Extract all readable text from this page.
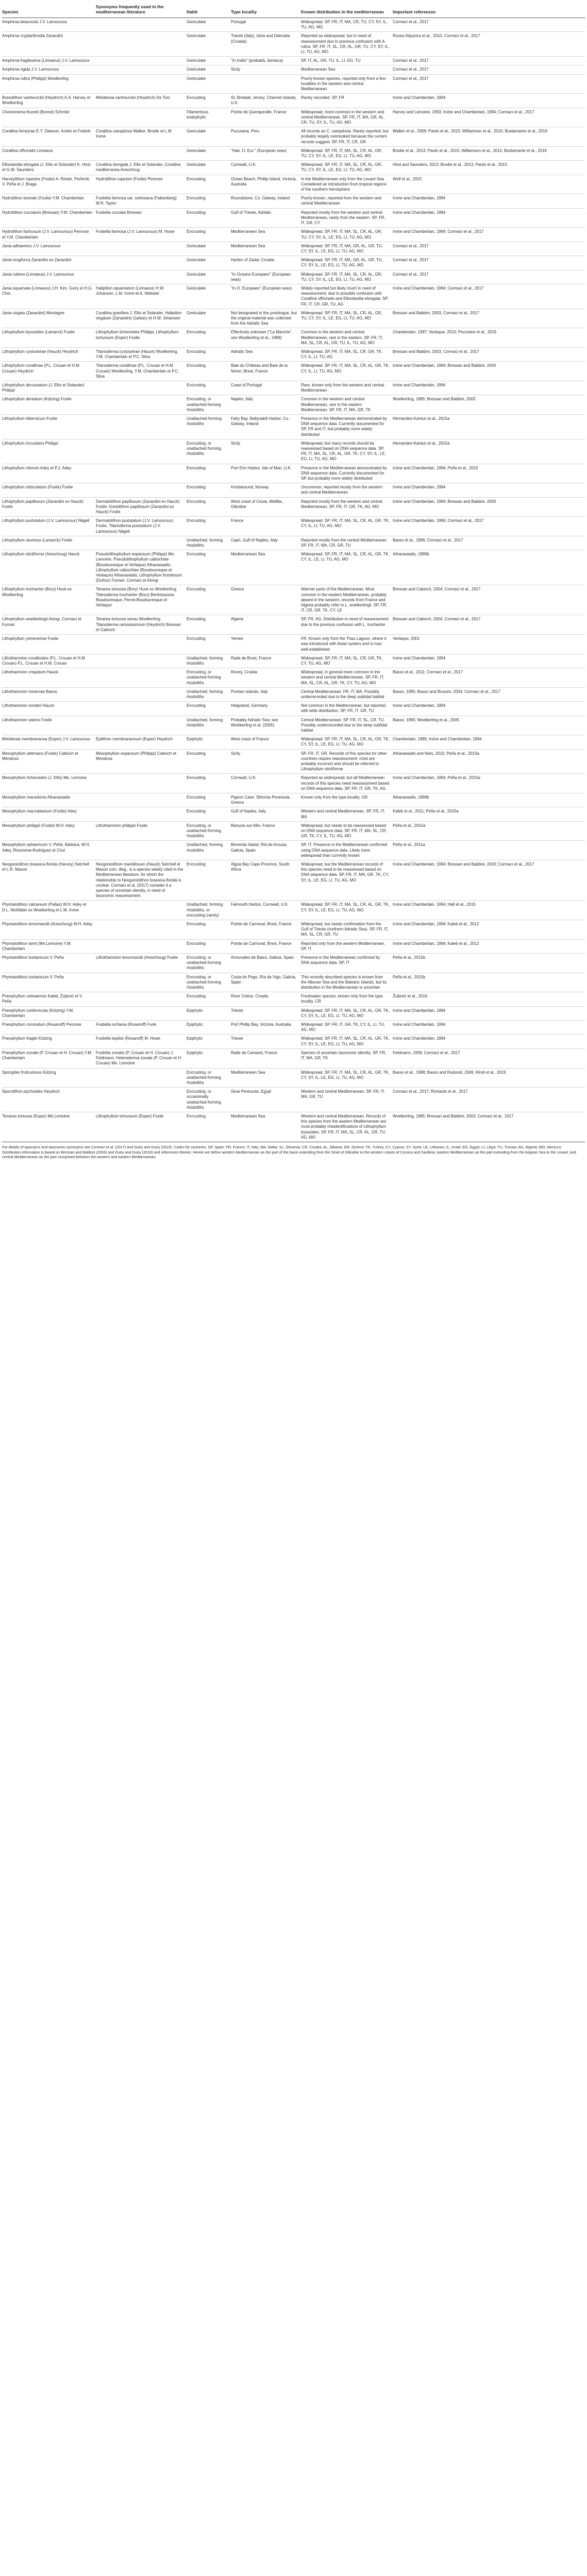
Species	Synonyms frequently used in the mediterranean literature	Habit	Type locality	Known distribution in the mediterranean	Important references
Amphiroa beauvoisii J.V. Lamouroux		Geniculate	Portugal	Widespread. SP, FR, IT, MA, CR, TU, CY, SY, IL, TU, AG, MO	Cormaci et al., 2017
Amphiroa cryptarthrodia Zanardini		Geniculate	Trieste (Italy), Istria and Dalmatia (Croatia)	Reported as widespread, but in need of reassessment due to previous confusion with A. rubra. SP, FR, IT, SL, CR, AL, GR, TU, CY, SY, IL, LI, TU, AG, MO	Rosas-Alquicira et al., 2010; Cormaci et al., 2017
Amphiroa fragilissima (Linnaeus) J.V. Lamouroux		Geniculate	"In Indiis" (probably Jamaica)	SP, IT, AL, GR, TU, IL, LI, EG, TU	Cormaci et al., 2017
Amphiroa rigida J.V. Lamouroux		Geniculate	Sicily	Mediterranean Sea	Cormaci et al., 2017
Amphiroa rubra (Philippi) Woelkerling		Geniculate		Poorly-known species, reported only from a few localities in the western and central Mediterranean	Cormaci et al., 2017
Boreolithon vanheurckii (Heydrich) A.S. Harvey et Woelkerling	Melobesia vanheurckii (Heydrich) De Toni	Encrusting	St. Brelade, Jersey, Channel Islands, U.K.	Rarely recorded. SP, FR	Irvine and Chamberlain, 1994
Choreonema thuretii (Bornet) Schmitz		Filamentous endophytic	Pointe de Querqueville, France	Widespread, more common in the western and central Mediterranean. SP, FR, IT, MA, GR, AL, CR, TU, SY, IL, TU, AG, MO	Harvey and Lemoine, 1993; Irvine and Chamberlain, 1994; Cormaci et al., 2017
Corallina ferreyrae E.Y. Dawson, Acleto et Foldvik	Corallina caespitosa Walker, Brodie et L.M. Irvine	Geniculate	Pucusana, Peru	All records as C. caespitosa. Rarely reported, but probably largely overlooked because the current records suggest. SP, FR, IT, CR, GR	Walker et al., 2009; Pardo et al., 2015; Williamson et al., 2015; Bustamante et al., 2019
Corallina officinalis Linnaeus		Geniculate	"Hab. O. Eur." (European seas)	Widespread. SP, FR, IT, MA, SL, CR, AL, GR, TU, CY, SY, IL, LE, EG, LI, TU, AG, MO	Brodie et al., 2013; Pardo et al., 2015; Williamson et al., 2015; Bustamante et al., 2019
Ellisolandia elongata (J. Ellis et Solander) K. Hind et G.W. Saunders	Corallina elongata J. Ellis et Solander, Corallina mediterranea Areschoug	Geniculate	Cornwall, U.K.	Widespread. SP, FR, IT, MA, SL, CR, AL, GR, TU, CY, SY, IL, LE, EG, LI, TU, AG, MO	Hind and Saunders, 2013; Brodie et al., 2013; Pardo et al., 2015
Harveylithon rupestre (Foslie) A. Rösler, Perfectti, V. Peña et J. Braga	Hydrolithon rupestre (Foslie) Penrose	Encrusting	Ocean Beach, Phillip Island, Victoria, Australia	In the Mediterranean only from the Levant Sea. Considered an introduction from tropical regions of the southern hemisphere	Wolf et al., 2015
Hydrolithon boreale (Foslie) Y.M. Chamberlain	Fosliella farinosa var. solmsiana (Falkenberg) W.R. Taylor	Encrusting	Roundstone, Co. Galway, Ireland	Poorly-known, reported from the western and central Mediterranean	Irvine and Chamberlain, 1994
Hydrolithon cruciatum (Bressan) Y.M. Chamberlain	Fosliella cruciata Bressan	Encrusting	Gulf of Trieste, Adriatic	Reported mostly from the western and central Mediterranean, rarely from the eastern. SP, FR, IT, GR, CY	Irvine and Chamberlain, 1994
Hydrolithon farinosum (J.V. Lamouroux) Penrose et Y.M. Chamberlain	Fosliella farinosa (J.V. Lamouroux) M. Howe	Encrusting	Mediterranean Sea	Widespread. SP, FR, IT, MA, SL, CR, AL, GR, TU, CY, SY, IL, LE, EG, LI, TU, AG, MO	Irvine and Chamberlain, 1994; Cormaci et al., 2017
Jania adhaerens J.V. Lamouroux		Geniculate	Mediterranean Sea	Widespread. SP, FR, IT, MA, GR, AL, GR, TU, CY, SY, IL, LE, EG, LI, TU, AG, MO	Cormaci et al., 2017
Jania longifurca Zanardini ex Zanardini		Geniculate	Harbor of Zadar, Croatia	Widespread. SP, FR, IT, MA, GR, AL, GR, TU, CY, SY, IL, LE, EG, LI, TU, AG, MO	Cormaci et al., 2017
Jania rubens (Linnaeus) J.V. Lamouroux		Geniculate	"In Oceano Europaeo" (European seas)	Widespread. SP, FR, IT, MA, SL, CR, AL, GR, TU, CY, SY, IL, LE, EG, LI, TU, AG, MO	Cormaci et al., 2017
Jania squamata (Linnaeus) J.H. Kim, Guiry et H.G. Choi	Haliptilon squamatum (Linnaeus) H.W. Johansen, L.M. Irvine et A. Webster	Geniculate	"In O. Europaeo" (European seas)	Widely reported but likely much in need of reassessment, due to possible confusion with Corallina officinalis and Ellisolandia elongata. SP, FR, IT, CR, GR, TU, AG	Irvine and Chamberlain, 1994; Cormaci et al., 2017
Jania virgata (Zanardini) Montagne	Corallina granifera J. Ellis et Solander, Haliptilon virgatum (Zanardini) Garbary et H.W. Johansen	Geniculate	Not designated in the protologue, but the original material was collected from the Adriatic Sea	Widespread. SP, FR, IT, MA, SL, CR, AL, GR, TU, CY, SY, IL, LE, EG, LI, TU, AG, MO	Bressan and Babbini, 2003; Cormaci et al., 2017
Lithophyllum byssoides (Lamarck) Foslie	Lithophyllum lichenoides Philippi, Lithophyllum tortuosum (Esper) Foslie	Encrusting	Effectively unknown ("La Manche", see Woelkerling et al., 1998)	Common in the western and central Mediterranean, rare in the eastern. SP, FR, IT, MA, SL, CR, AL, GR, TU, IL, TU, AG, MO	Chamberlain, 1997; Verlaque, 2010; Pezzolesi et al., 2019
Lithophyllum cystoseirae (Hauck) Heydrich	Titanoderma cystoseirae (Hauck) Woelkerling, Y.M. Chamberlain et P.C. Silva	Encrusting	Adriatic Sea	Widespread. SP, FR, IT, MA, SL, CR, GR, TK, CY, IL, LI, TU, AG	Bressan and Babbini, 2003; Cormaci et al., 2017
Lithophyllum corallinae (P.L. Crouan et H.M. Crouan) Heydrich	Titanoderma corallinae (P.L. Crouan et H.M. Crouan) Woelkerling, Y.M. Chamberlain et P.C. Silva	Encrusting	Baie du Château and Baie de la Ninon, Brest, France	Widespread. SP, FR, IT, MA, SL, CR, AL, GR, TK, CY, IL, LI, TU, AG, MO	Irvine and Chamberlain, 1994; Bressan and Babbini, 2003
Lithophyllum decussatum (J. Ellis et Solander) Philippi		Encrusting	Coast of Portugal	Rare, known only from the western and central Mediterranean	Irvine and Chamberlain, 1994
Lithophyllum dentatum (Kützing) Foslie		Encrusting, or unattached forming rhodoliths	Naples, Italy	Common in the western and central Mediterranean, rare in the eastern Mediterranean. SP, FR, IT, MA, GR, TK	Woelkerling, 1985; Bressan and Babbini, 2003
Lithophyllum hibernicum Foslie		Unattached forming rhodoliths	Fahy Bay, Ballynakill Harbor, Co. Galway, Ireland	Presence in the Mediterranean demonstrated by DNA sequence data. Currently documented for SP, FR and IT, but probably more widely distributed	Hernandez-Kantun et al., 2015a
Lithophyllum incrustans Philippi		Encrusting, or unattached forming rhodoliths	Sicily	Widespread, but many records should be reassessed based on DNA sequence data. SP, FR, IT, MA, SL, CR, AL, GR, TK, CY, SY, IL, LE, EG, LI, TU, AG, MO	Hernandez-Kantun et al., 2015a
Lithophyllum nitorum Adey et P.J. Adey		Encrusting	Port Erin Harbor, Isle of Man, U.K.	Presence in the Mediterranean demonstrated by DNA sequence data. Currently documented for SP, but probably more widely distributed	Irvine and Chamberlain, 1994; Peña et al., 2015
Lithophyllum orbiculatum (Foslie) Foslie		Encrusting	Kristiansund, Norway	Uncommon, reported mostly from the western and central Mediterranean	Irvine and Chamberlain, 1994
Lithophyllum papillosum (Zanardini ex Hauck) Foslie	Dermatolithon papillosum (Zanardini ex Hauck) Foslie; Goniolithon papillosum (Zanardini ex Hauck) Foslie	Encrusting	West coast of Ceuta, Mellilla, Gibraltar	Reported mostly from the western and central Mediterranean. SP, FR, IT, GR, TK, AG, MO	Irvine and Chamberlain, 1994; Bressan and Babbini, 2003
Lithophyllum pustulatum (J.V. Lamouroux) Nägeli	Dermatolithon pustulatum (J.V. Lamouroux) Foslie, Titanoderma pustulatum (J.V. Lamouroux) Nägeli	Encrusting	France	Widespread. SP, FR, IT, MA, SL, CR, AL, GR, TK, CY, IL, LI, TU, AG, MO	Irvine and Chamberlain, 1994; Cormaci et al., 2017
Lithophyllum racemus (Lamarck) Foslie		Unattached, forming rhodoliths	Capri, Gulf of Naples, Italy	Reported mostly from the central Mediterranean. SP, FR, IT, MA, CR, GR, TU	Basso et al., 1996; Cormaci et al., 2017
Lithophyllum stictiforme (Areschoug) Hauck	Pseudolithophyllum expansum (Philippi) Me. Lemoine, Pseudolithophyllum cabiochiae (Boudouresque et Verlaque) Athanasiadis; Lithophyllum cabiochiae (Boudouresque et Verlaque) Athanasiadis; Lithophyllum frondosum (Dufour) Furnari, Cormaci et Alongi	Encrusting	Mediterranean Sea	Widespread. SP, FR, IT, MA, SL, CR, AL, GR, TK, CY, IL, LE, LI, TU, AG, MO	Athanasiadis, 1999b
Lithophyllum trochanter (Bory) Huvé ex Woelkerling	Tenarea tortuosa (Bory) Huvé ex Woelkerling; Titanoderma trochanter (Bory) Benhissoune, Boudouresque, Perret-Boudouresque et Verlaque	Encrusting	Greece	Warmer parts of the Mediterranean. Most common in the eastern Mediterranean, probably absent in the western; records from France and Algeria probably refer to L. woelkerlingii. SP, FR, IT, CR, GR, TK, CY, LE	Bressan and Cabioch, 2004; Cormaci et al., 2017
Lithophyllum woelkerlingii Alongi, Cormaci et Furnari	Tenarea tortuosa sensu Woelkerling; Titanoderma ramosissimum (Heydrich) Bressan et Cabioch	Encrusting	Algeria	SP, FR, AG. Distribution in need of reassessment due to the previous confusion with L. trochanter	Bressan and Cabioch, 2004; Cormaci et al., 2017
Lithophyllum yemenense Foslie		Encrusting	Yemen	FR. Known only from the Thau Lagoon, where it was introduced with Asian oysters and is now well-established	Verlaque, 2001
Lithothamnion corallioides (P.L. Crouan et H.M. Crouan) P.L. Crouan et H.M. Crouan		Unattached, forming rhodoliths	Rade de Brest, France	Widespread. SP, FR, IT, MA, SL, CR, GR, TK, CY, TU, AG, MO	Irvine and Chamberlain, 1994
Lithothamnion crispatum Hauck		Encrusting, or unattached forming rhodoliths	Rovinj, Croatia	Widespread, in general more common in the western and central Mediterranean. SP, FR, IT, MA, SL, CR, AL, GR, TK, CY, TU, AG, MO	Basso et al., 2011; Cormaci et al., 2017
Lithothamnion minervae Basso		Unattached, forming rhodoliths	Pontian Islands, Italy	Central Mediterranean: FR, IT, MA. Possibly underrecorded due to the deep subtidal habitat	Basso, 1995; Basso and Brusoni, 2004; Cormaci et al., 2017
Lithothamnion sonderi Hauck		Encrusting	Helgoland, Germany	Not common in the Mediterranean, but reported with wide distribution. SP, FR, IT, GR, TU	Irvine and Chamberlain, 1994
Lithothamnion valens Foslie		Unattached, forming rhodoliths	Probably Adriatic Sea; see Woelkerling et al. (2005)	Central Mediterranean: SP, FR, IT, SL, CR, TU. Possibly underrecorded due to the deep subtidal habitat	Basso, 1995; Woelkerling et al., 2005
Melobesia membranacea (Esper) J.V. Lamouroux	Epilithon membranaceum (Esper) Heydrich	Epiphytic	West coast of France	Widespread. SP, FR, IT, MA, SL, CR, AL, GR, TK, CY, SY, IL, LE, EG, LI, TU, AG, MO	Chamberlain, 1985; Irvine and Chamberlain, 1994
Mesophyllum alternans (Foslie) Cabioch et Mendoza	Mesophyllum expansum (Philippi) Cabioch et Mendoza	Encrusting	Sicily	SP, FR, IT, GR. Records of this species for other countries require reassessment: most are probably incorrect and should be referred to Lithophyllum stictiforme	Athanasiadis and Neto, 2010; Peña et al., 2015a
Mesophyllum lichenoides (J. Ellis) Me. Lemoine		Encrusting	Cornwall, U.K.	Reported as widespread, but all Mediterranean records of this species need reassessment based on DNA sequence data. SP, FR, IT, GR, TK, AG	Irvine and Chamberlain, 1994; Peña et al., 2015a
Mesophyllum macedonis Athanasiadis		Encrusting	Pigeon Cave, Sithonia Peninsula, Greece	Known only from the type locality. GR	Athanasiadis, 1999b
Mesophyllum macroblastum (Foslie) Adey		Encrusting	Gulf of Naples, Italy	Western and central Mediterranean. SP, FR, IT, MA	Kaleb et al., 2011; Peña et al., 2015a
Mesophyllum philippii (Foslie) W.H. Adey	Lithothamnion philippii Foslie	Encrusting, or unattached forming rhodoliths	Banyuls-sur-Mer, France	Widespread, but needs to be reassessed based on DNA sequence data. SP, FR, IT, MA, SL, CR, GR, TK, CY, IL, TU, AG, MO	Peña et al., 2015a
Mesophyllum sphaericum V. Peña, Bárbara, W.H. Adey, Riosmena-Rodríguez et Choi		Unattached, forming rhodoliths	Bevenda Island, Ría de Arousa, Galicia, Spain	SP, IT. Presence in the Mediterranean confirmed using DNA sequence data. Likely more widespread than currently known	Peña et al., 2011a
Neogoniolithon brassica-florida (Harvey) Setchell et L.R. Mason	Neogoniolithon mamillosum (Hauck) Setchell et Mason com. illeg., is a species widely cited in the Mediterranean literature, for which the relationship to Neogoniolithon brassica-florida is unclear. Cormaci et al. (2017) consider it a species of uncertain identity, in need of taxonomic reassessment	Encrusting	Algoa Bay Cape Province, South Africa	Widespread, but the Mediterranean records of this species need to be reassessed based on DNA sequence data. SP, FR, IT, MA, GR, TK, CY, SY, IL, LE, EG, LI, TU, AG, MO	Irvine and Chamberlain, 1994; Bressan and Babbini, 2003; Cormaci et al., 2017
Phymatolithon calcareum (Pallas) W.H. Adey et D.L. McKibbin ex Woelkerling et L.M. Irvine		Unattached, forming rhodoliths, or encrusting (rarely)	Falmouth Harbor, Cornwall, U.K.	Widespread. SP, FR, IT, MA, SL, CR, AL, GR, TK, CY, SY, IL, LE, EG, LI, TU, AG, MO	Irvine and Chamberlain, 1994; Hall et al., 2015
Phymatolithon lenormandii (Areschoug) W.H. Adey		Encrusting	Pointe de Carnoval, Brest, France	Widespread, but needs confirmation from the Gulf of Trieste (northern Adriatic Sea). SP, FR, IT, MA, SL, CR, GR, TU	Irvine and Chamberlain, 1994; Kaleb et al., 2012
Phymatolithon lamii (Me.Lemoine) Y.M. Chamberlain		Encrusting	Pointe de Carnoval, Brest, France	Reported only from the western Mediterranean. SP, IT	Irvine and Chamberlain, 1994; Kaleb et al., 2012
Phymatolithon lusitanicum V. Peña	Lithothamnion lenormandii (Areschoug) Foslie	Encrusting, or unattached forming rhodoliths	Armonales de Baixo, Galicia, Spain	Presence in the Mediterranean confirmed by DNA sequence data. SP, IT	Peña et al., 2015b
Phymatolithon lusitanicum V. Peña		Encrusting, or unattached forming rhodoliths	Costa do Pego, Ría de Vigo, Galicia, Spain	This recently described species is known from the Alboran Sea and the Balearic Islands, but its distribution in the Mediterranean is uncertain	Peña et al., 2015b
Pneophyllum cetinaensis Kaleb, Žuljević et V. Peña		Encrusting	River Cetina, Croatia	Freshwater species, known only from the type locality. CR	Žuljević et al., 2016
Pneophyllum confervicola (Kützing) Y.M. Chamberlain		Epiphytic	Trieste	Widespread. SP, FR, IT, MA, SL, CR, AL, GR, TK, CY, SY, IL, LE, EG, LI, TU, AG, MO	Irvine and Chamberlain, 1994
Pneophyllum coronatum (Rosanoff) Penrose	Fosliella ischiana (Rosanoff) Funk	Epiphytic	Port Phillip Bay, Victoria, Australia	Widespread. SP, FR, IT, GR, TK, CY, IL, LI, TU, AG, MO	Irvine and Chamberlain, 1994
Pneophyllum fragile Kützing	Fosliella lejolisii (Rosanoff) M. Howe	Epiphytic	Trieste	Widespread. SP, FR, IT, MA, SL, CR, AL, GR, TK, CY, SY, IL, LE, EG, LI, TU, AG, MO	Irvine and Chamberlain, 1994
Pneophyllum zonale (P. Crouan et H. Crouan) Y.M. Chamberlain	Fosliella zonalis (P. Crouan et H. Crouan) J. Feldmann, Heteroderma zonale (P. Crouan et H. Crouan) Me. Lemoine	Epiphytic	Rade de Camaret, France	Species of uncertain taxonomic identity. SP, FR, IT, MA, GR, TK	Feldmann, 1939; Cormaci et al., 2017
Spongites fruticulosus Kützing		Encrusting, or unattached forming rhodoliths	Mediterranean Sea	Widespread. SP, FR, IT, MA, SL, CR, AL, GR, TK, CY, SY, IL, LE, EG, LI, TU, AG, MO	Basso et al., 1998; Basso and Rodondi, 2006; Rindi et al., 2019
Sporolithon ptychoides Heydrich		Encrusting, or occasionally unattached forming rhodoliths	Sinai Peninsula, Egypt	Western and central Mediterranean. SP, FR, IT, MA, GR, TU	Cormaci et al., 2017; Richards et al., 2017
Tenarea tortuosa (Esper) Me.Lemoine	Lithophyllum tortuosum (Esper) Foslie	Encrusting	Mediterranean Sea	Western and central Mediterranean. Records of this species from the eastern Mediterranean are most probably misidentifications of Lithophyllum byssoides. SP, FR, IT, MA, SL, CR, AL, GR, TU, AG, MO	Woelkerling, 1985; Bressan and Babbini, 2003; Cormaci et al., 2017
For details of typonyms and taxonomic synonyms see Cormaci et al. (2017) and Guiry and Guiry (2019). Codes for countries: SP, Spain; FR, France; IT, Italy; MA, Malta; SL, Slovenia; CR, Croatia; AL, Albania; GR, Greece; TK, Turkey; CY, Cyprus; SY, Syria; LE, Lebanon; IL, Israel; EG, Egypt; LI, Libya; TU, Tunisia; AG, Algeria; MO, Morocco. Distribution information is based on Bressan and Babbini (2003) and Guiry and Guiry (2019) and references therein. Herein we define western Mediterranean as the part of the basin extending from the Strait of Gibraltar to the western coasts of Corsica and Sardinia; eastern Mediterranean as the part extending from the Aegean Sea to the Levant; and central Mediterranean as the part comprised between the western and eastern Mediterranean.
